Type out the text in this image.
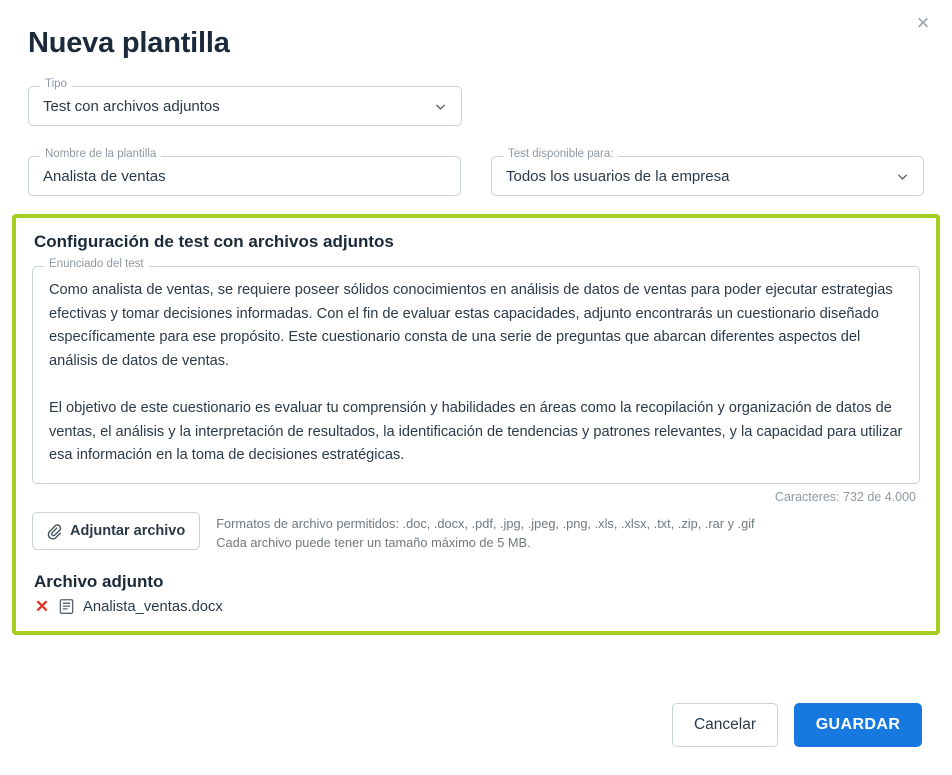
×
Nueva plantilla
Tipo
Test con archivos adjuntos
Nombre de la plantilla
Analista de ventas
Test disponible para:
Todos los usuarios de la empresa
Configuración de test con archivos adjuntos
Enunciado del test

Como analista de ventas, se requiere poseer sólidos conocimientos en análisis de datos de ventas para poder ejecutar estrategias efectivas y tomar decisiones informadas. Con el fin de evaluar estas capacidades, adjunto encontrarás un cuestionario diseñado específicamente para ese propósito. Este cuestionario consta de una serie de preguntas que abarcan diferentes aspectos del análisis de datos de ventas.

El objetivo de este cuestionario es evaluar tu comprensión y habilidades en áreas como la recopilación y organización de datos de ventas, el análisis y la interpretación de resultados, la identificación de tendencias y patrones relevantes, y la capacidad para utilizar esa información en la toma de decisiones estratégicas.

Caracteres: 732 de 4.000
Adjuntar archivo Formatos de archivo permitidos: .doc, .docx, .pdf, .jpg, .jpeg, .png, .xls, .xlsx, .txt, .zip, .rar y .gif
Cada archivo puede tener un tamaño máximo de 5 MB.
Archivo adjunto
✕ Analista_ventas.docx
Cancelar	GUARDAR
